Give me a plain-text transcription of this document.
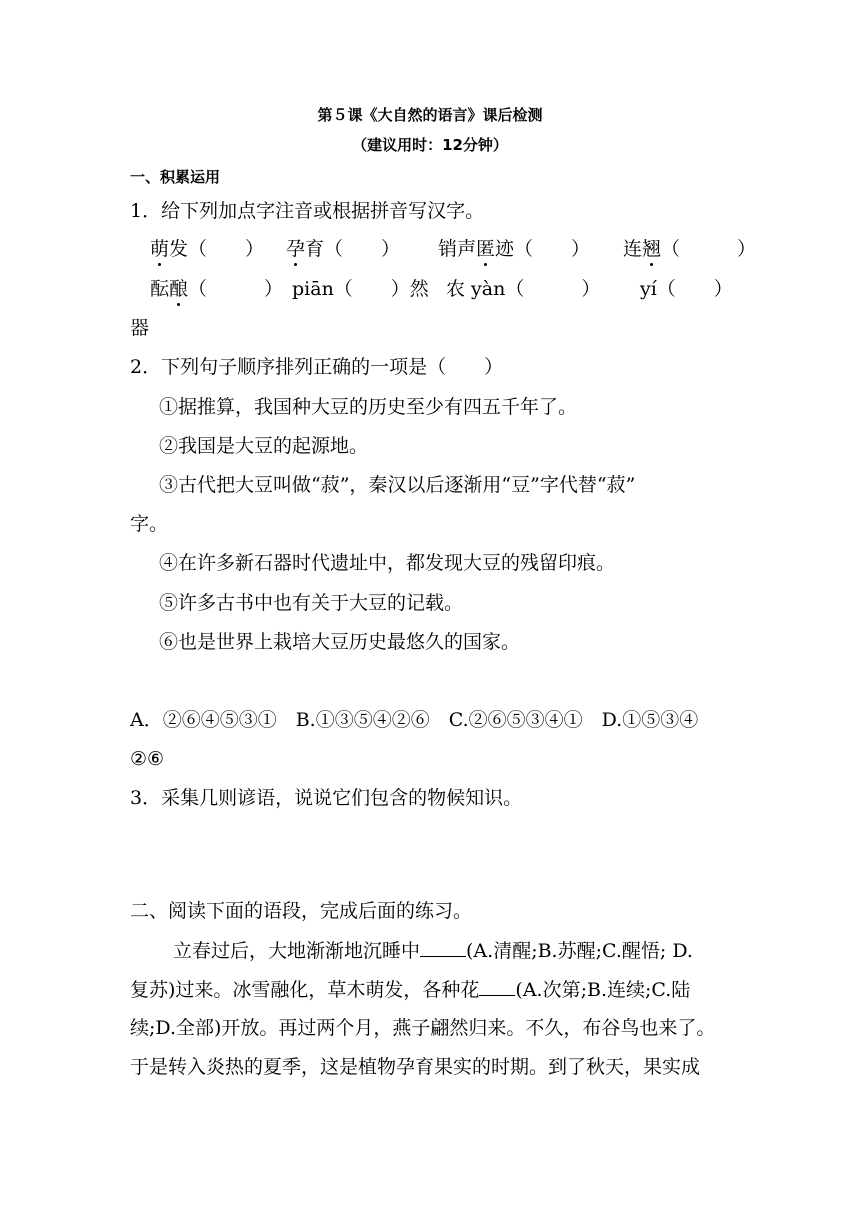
第５课《大自然的语言》课后检测
（建议用时：12分钟）
一、积累运用
1．给下列加点字注音或根据拼音写汉字。
萌发（　　） 孕育（　　） 销声匿迹（　　） 连翘（　　　）
酝酿（　　　） piān（　　）然 农 yàn（　　　） yí（　　）
器
2．下列句子顺序排列正确的一项是（　　）
①据推算，我国种大豆的历史至少有四五千年了。
②我国是大豆的起源地。
③古代把大豆叫做“菽”，秦汉以后逐渐用“豆”字代替“菽”
字。
④在许多新石器时代遗址中，都发现大豆的残留印痕。
⑤许多古书中也有关于大豆的记载。
⑥也是世界上栽培大豆历史最悠久的国家。
A．②⑥④⑤③①　B.①③⑤④②⑥　C.②⑥⑤③④①　D.①⑤③④
②⑥
3．采集几则谚语，说说它们包含的物候知识。
二、阅读下面的语段，完成后面的练习。
立春过后，大地渐渐地沉睡中 (A.清醒;B.苏醒;C.醒悟; D.
复苏)过来。冰雪融化，草木萌发，各种花 (A.次第;B.连续;C.陆
续;D.全部)开放。再过两个月，燕子翩然归来。不久，布谷鸟也来了。
于是转入炎热的夏季，这是植物孕育果实的时期。到了秋天，果实成
